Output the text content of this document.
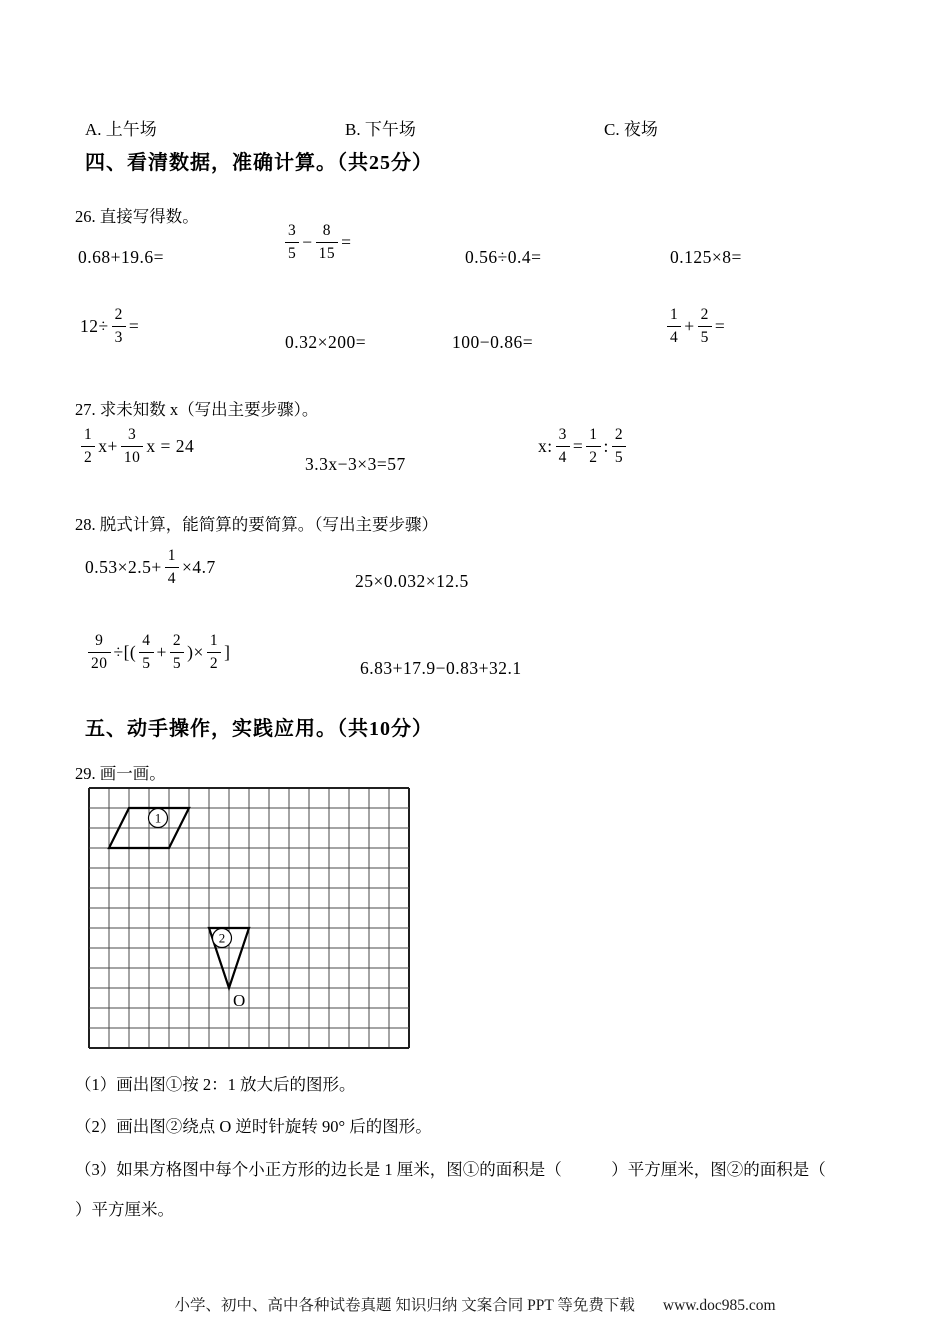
A. 上午场	B. 下午场	C. 夜场
四、看清数据，准确计算。（共25分）
26. 直接写得数。
0.68+19.6=	$\frac{3}{5} - \frac{8}{15}$ =
0.56÷0.4=	0.125×8=
$12\div \frac{2}{3}$ =
0.32×200=	100−0.86=	$\frac{1}{4} + \frac{2}{5}$ =
27. 求未知数 x（写出主要步骤）。
$\frac{1}{2} x+ \frac{3}{10}$ x = 24
3.3x−3×3=57
x: $\frac{3}{4} = \frac{1}{2}$ : $\frac{2}{5}$
28. 脱式计算，能简算的要简算。（写出主要步骤）
$0.53\times 2.5+ \frac{1}{4} \times 4.7$
25×0.032×12.5
$\frac{9}{20}$ ÷[( $\frac{4}{5} + \frac{2}{5}$ )× $\frac{1}{2}$ ]
6.83+17.9−0.83+32.1
五、动手操作，实践应用。（共10分）
29. 画一画。
1
2
O
（1）画出图①按 2：1 放大后的图形。
（2）画出图②绕点 O 逆时针旋转 90° 后的图形。
（3）如果方格图中每个小正方形的边长是 1 厘米，图①的面积是（　　　）平方厘米，图②的面积是（
）平方厘米。
小学、初中、高中各种试卷真题 知识归纳 文案合同 PPT 等免费下载 www.doc985.com
